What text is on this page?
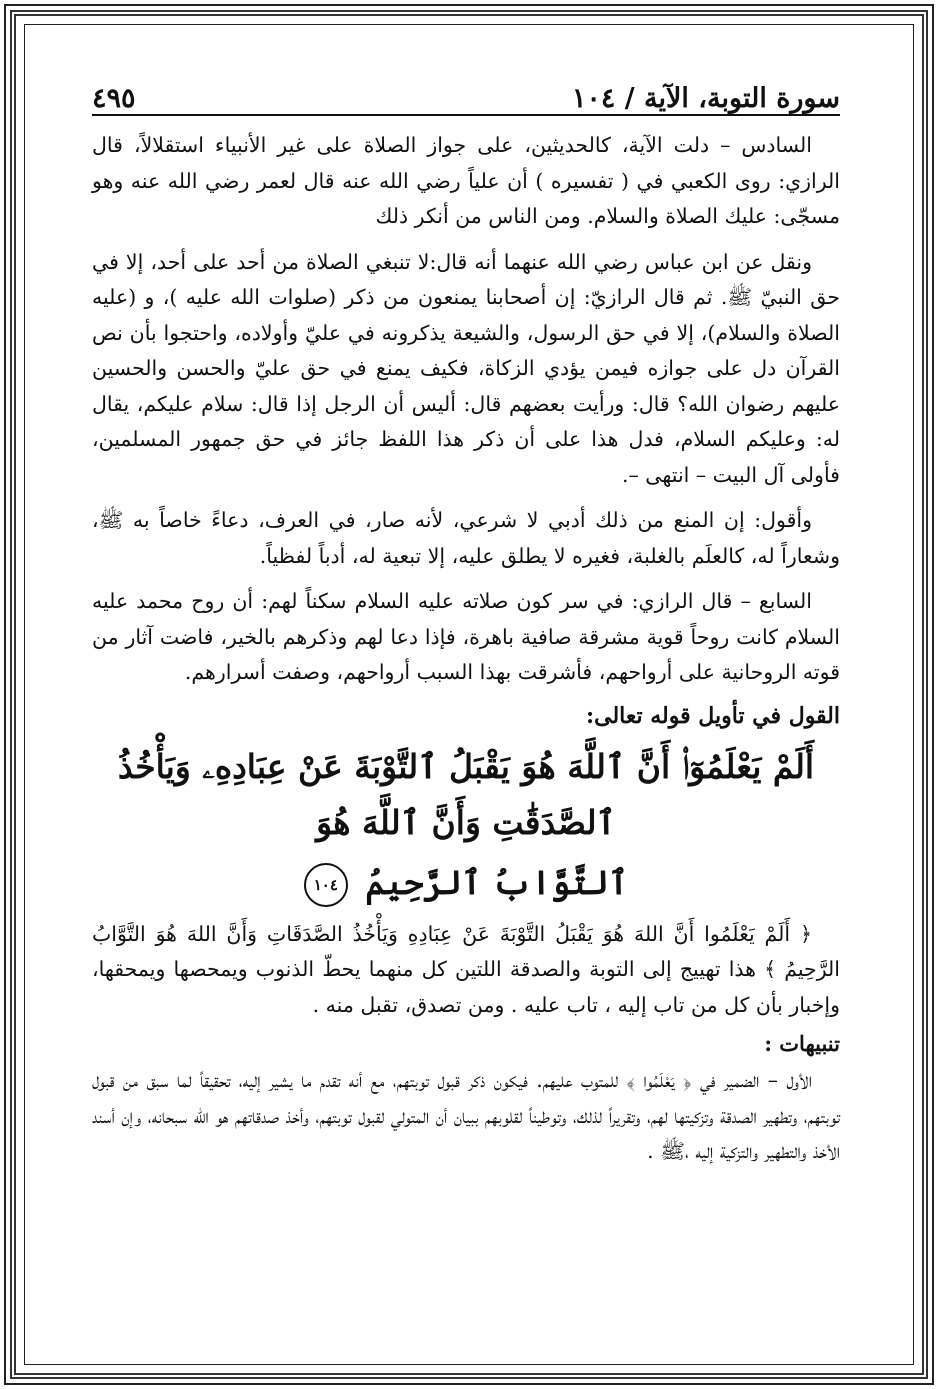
سورة التوبة، الآية / ١٠٤
٤٩٥

السادس – دلت الآية، كالحديثين، على جواز الصلاة على غير الأنبياء استقلالاً، قال الرازي: روى الكعبي في ( تفسيره ) أن علياً رضي الله عنه قال لعمر رضي الله عنه وهو مسجّى: عليك الصلاة والسلام. ومن الناس من أنكر ذلك

ونقل عن ابن عباس رضي الله عنهما أنه قال:لا تنبغي الصلاة من أحد على أحد، إلا في حق النبيّ ﷺ. ثم قال الرازيّ: إن أصحابنا يمنعون من ذكر (صلوات الله عليه )، و (عليه الصلاة والسلام)، إلا في حق الرسول، والشيعة يذكرونه في عليّ وأولاده، واحتجوا بأن نص القرآن دل على جوازه فيمن يؤدي الزكاة، فكيف يمنع في حق عليّ والحسن والحسين عليهم رضوان الله؟ قال: ورأيت بعضهم قال: أليس أن الرجل إذا قال: سلام عليكم، يقال له: وعليكم السلام، فدل هذا على أن ذكر هذا اللفظ جائز في حق جمهور المسلمين، فأولى آل البيت – انتهى –.

وأقول: إن المنع من ذلك أدبي لا شرعي، لأنه صار، في العرف، دعاءً خاصاً به ﷺ، وشعاراً له، كالعلَم بالغلبة، فغيره لا يطلق عليه، إلا تبعية له، أدباً لفظياً.

السابع – قال الرازي: في سر كون صلاته عليه السلام سكناً لهم: أن روح محمد عليه السلام كانت روحاً قوية مشرقة صافية باهرة، فإذا دعا لهم وذكرهم بالخير، فاضت آثار من قوته الروحانية على أرواحهم، فأشرقت بهذا السبب أرواحهم، وصفت أسرارهم.

القول في تأويل قوله تعالى:

أَلَمْ يَعْلَمُوٓا۟ أَنَّ ٱللَّهَ هُوَ يَقْبَلُ ٱلتَّوْبَةَ عَنْ عِبَادِهِۦ وَيَأْخُذُ ٱلصَّدَقَٰتِ وَأَنَّ ٱللَّهَ هُوَ

ٱلتَّوَّابُ ٱلرَّحِيمُ ١٠٤

﴿ أَلَمْ يَعْلَمُوا أَنَّ اللهَ هُوَ يَقْبَلُ التَّوْبَةَ عَنْ عِبَادِهِ وَيَأْخُذُ الصَّدَقَاتِ وَأَنَّ اللهَ هُوَ التَّوَّابُ الرَّحِيمُ ﴾ هذا تهييج إلى التوبة والصدقة اللتين كل منهما يحطّ الذنوب ويمحصها ويمحقها، وإخبار بأن كل من تاب إليه ، تاب عليه . ومن تصدق، تقبل منه .

تنبيهات :

الأول – الضمير في ﴿ يَعْلَمُوا ﴾ للمتوب عليهم. فيكون ذكر قبول توبتهم، مع أنه تقدم ما يشير إليه، تحقيقاً لما سبق من قبول توبتهم، وتطهير الصدقة وتزكيتها لهم، وتقريراً لذلك، وتوطيناً لقلوبهم ببيان أن المتولي لقبول توبتهم، وأخذ صدقاتهم هو الله سبحانه، وإن أسند الأخذ والتطهير والتزكية إليه ،ﷺ .
